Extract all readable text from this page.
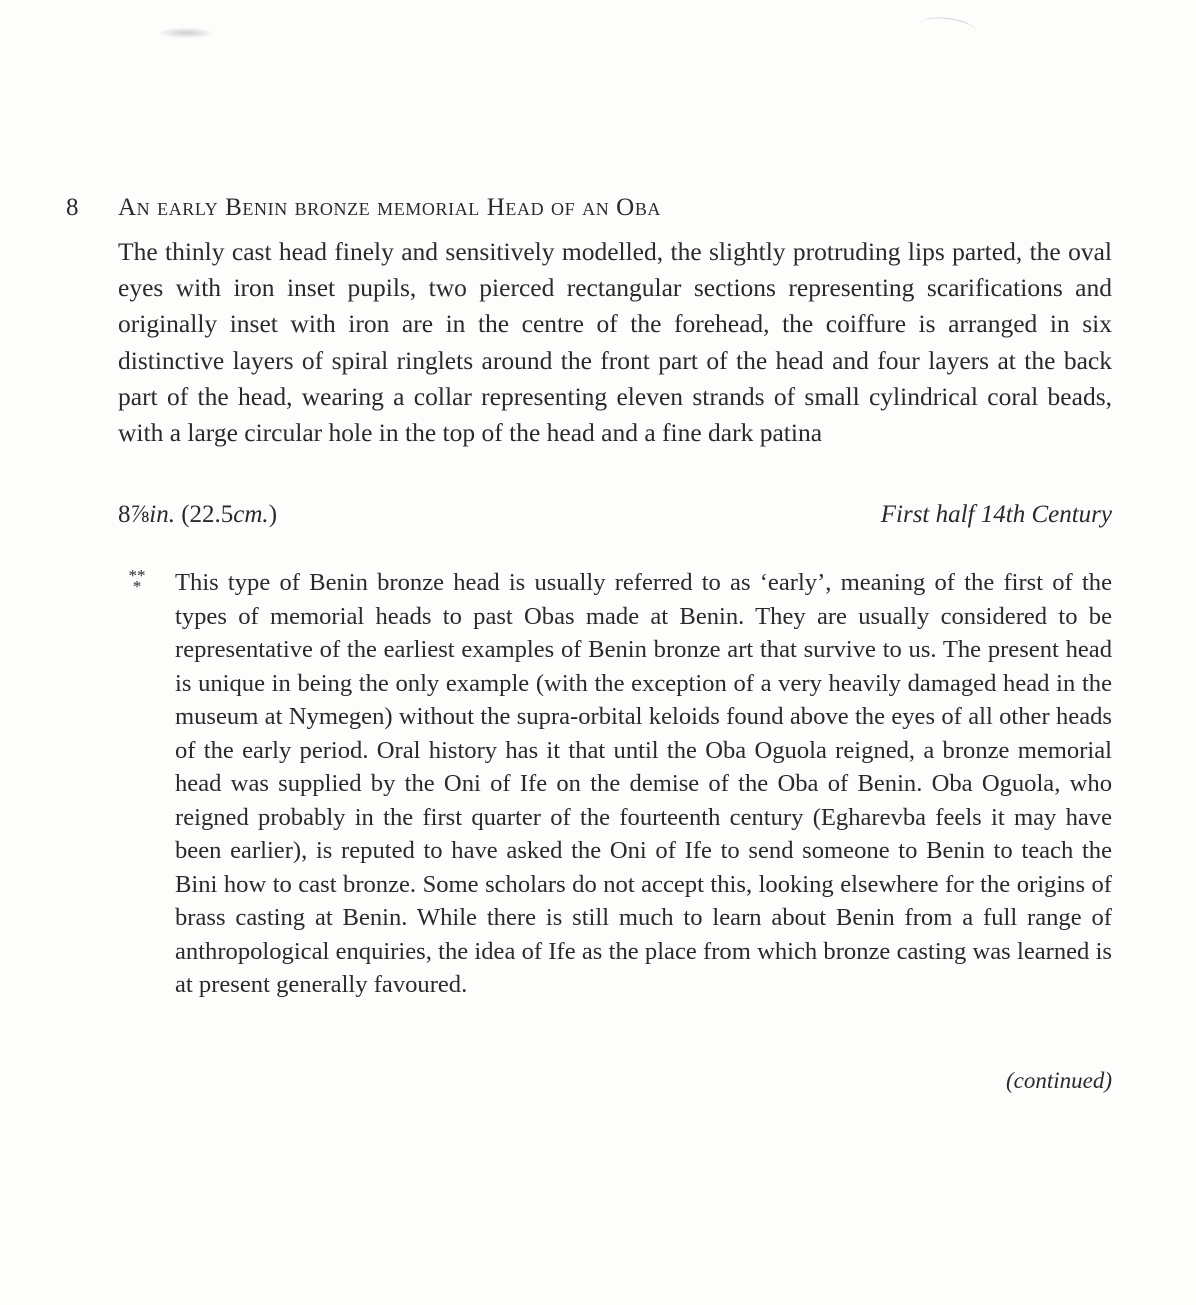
8 An early Benin bronze memorial Head of an Oba

The thinly cast head finely and sensitively modelled, the slightly protruding lips parted, the oval eyes with iron inset pupils, two pierced rectangular sections representing scarifications and originally inset with iron are in the centre of the forehead, the coiffure is arranged in six distinctive layers of spiral ringlets around the front part of the head and four layers at the back part of the head, wearing a collar representing eleven strands of small cylindrical coral beads, with a large circular hole in the top of the head and a fine dark patina

8⅞in. (22.5cm.)	First half 14th Century
**
*	This type of Benin bronze head is usually referred to as ‘early’, meaning of the first of the types of memorial heads to past Obas made at Benin. They are usually considered to be representative of the earliest examples of Benin bronze art that survive to us. The present head is unique in being the only example (with the exception of a very heavily damaged head in the museum at Nymegen) without the supra-orbital keloids found above the eyes of all other heads of the early period. Oral history has it that until the Oba Oguola reigned, a bronze memorial head was supplied by the Oni of Ife on the demise of the Oba of Benin. Oba Oguola, who reigned probably in the first quarter of the fourteenth century (Egharevba feels it may have been earlier), is reputed to have asked the Oni of Ife to send someone to Benin to teach the Bini how to cast bronze. Some scholars do not accept this, looking elsewhere for the origins of brass casting at Benin. While there is still much to learn about Benin from a full range of anthropological enquiries, the idea of Ife as the place from which bronze casting was learned is at present generally favoured.

(continued)
